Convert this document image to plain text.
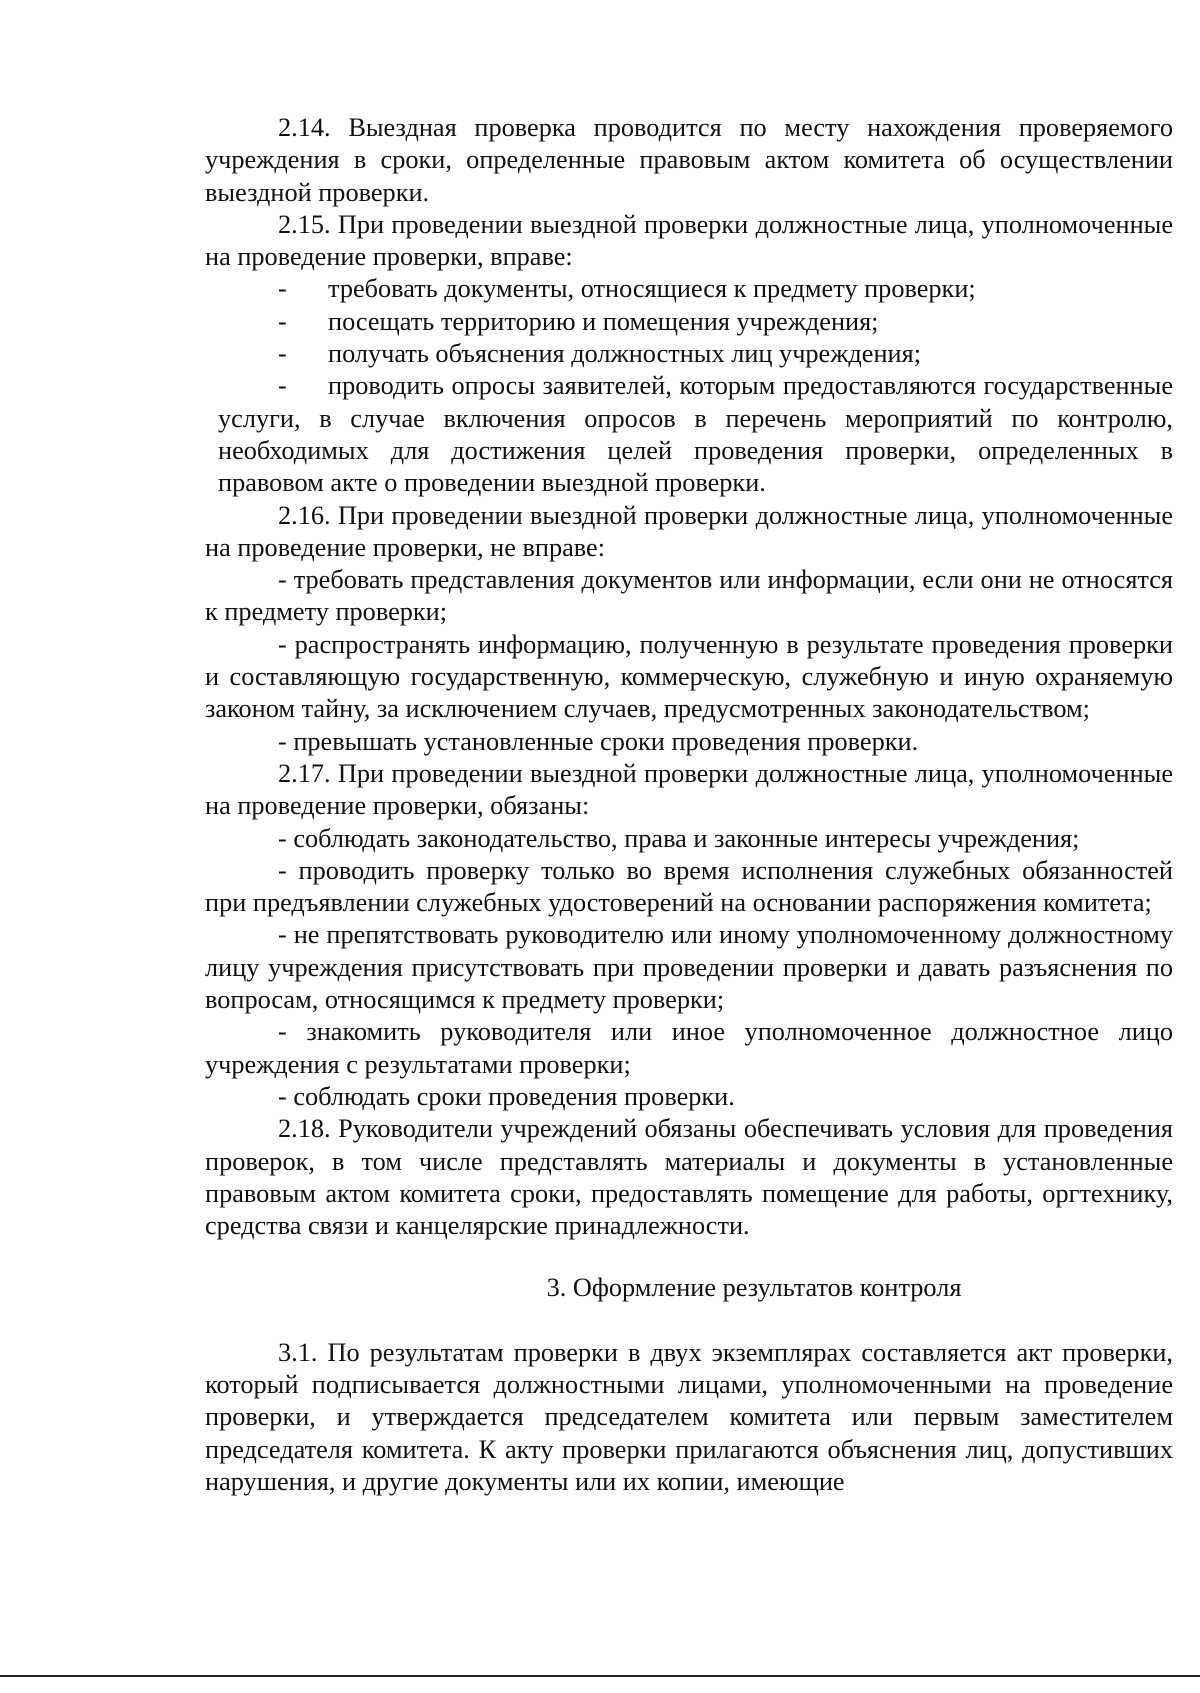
2.14. Выездная проверка проводится по месту нахождения проверяемого учреждения в сроки, определенные правовым актом комитета об осуществлении выездной проверки.

2.15. При проведении выездной проверки должностные лица, уполномоченные на проведение проверки, вправе:

- требовать документы, относящиеся к предмету проверки;

- посещать территорию и помещения учреждения;

- получать объяснения должностных лиц учреждения;

- проводить опросы заявителей, которым предоставляются государственные услуги, в случае включения опросов в перечень мероприятий по контролю, необходимых для достижения целей проведения проверки, определенных в правовом акте о проведении выездной проверки.

2.16. При проведении выездной проверки должностные лица, уполномоченные на проведение проверки, не вправе:

- требовать представления документов или информации, если они не относятся к предмету проверки;

- распространять информацию, полученную в результате проведения проверки и составляющую государственную, коммерческую, служебную и иную охраняемую законом тайну, за исключением случаев, предусмотренных законодательством;

- превышать установленные сроки проведения проверки.

2.17. При проведении выездной проверки должностные лица, уполномоченные на проведение проверки, обязаны:

- соблюдать законодательство, права и законные интересы учреждения;

- проводить проверку только во время исполнения служебных обязанностей при предъявлении служебных удостоверений на основании распоряжения комитета;

- не препятствовать руководителю или иному уполномоченному должностному лицу учреждения присутствовать при проведении проверки и давать разъяснения по вопросам, относящимся к предмету проверки;

- знакомить руководителя или иное уполномоченное должностное лицо учреждения с результатами проверки;

- соблюдать сроки проведения проверки.

2.18. Руководители учреждений обязаны обеспечивать условия для проведения проверок, в том числе представлять материалы и документы в установленные правовым актом комитета сроки, предоставлять помещение для работы, оргтехнику, средства связи и канцелярские принадлежности.

3. Оформление результатов контроля

3.1. По результатам проверки в двух экземплярах составляется акт проверки, который подписывается должностными лицами, уполномоченными на проведение проверки, и утверждается председателем комитета или первым заместителем председателя комитета. К акту проверки прилагаются объяснения лиц, допустивших нарушения, и другие документы или их копии, имеющие
